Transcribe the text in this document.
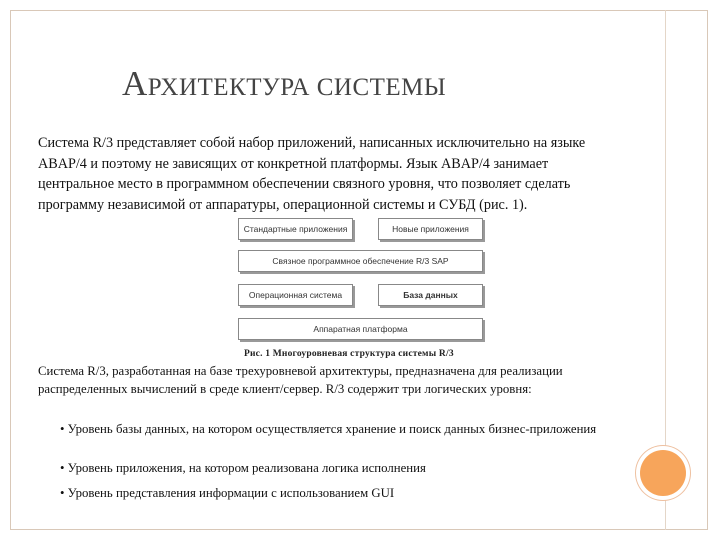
АРХИТЕКТУРА СИСТЕМЫ

Система R/3 представляет собой набор приложений, написанных исключительно на языке ABAP/4 и поэтому не зависящих от конкретной платформы. Язык ABAP/4 занимает центральное место в программном обеспечении связного уровня, что позволяет сделать программу независимой от аппаратуры, операционной системы и СУБД (рис. 1).

Стандартные приложения	Новые приложения
Связное программное обеспечение R/3 SAP
Операционная система	База данных
Аппаратная платформа
Рис. 1 Многоуровневая структура системы R/3

Система R/3, разработанная на базе трехуровневой архитектуры, предназначена для реализации распределенных вычислений в среде клиент/сервер. R/3 содержит три логических уровня:

• Уровень базы данных, на котором осуществляется хранение и поиск данных бизнес-приложения

• Уровень приложения, на котором реализована логика исполнения

• Уровень представления информации с использованием GUI
